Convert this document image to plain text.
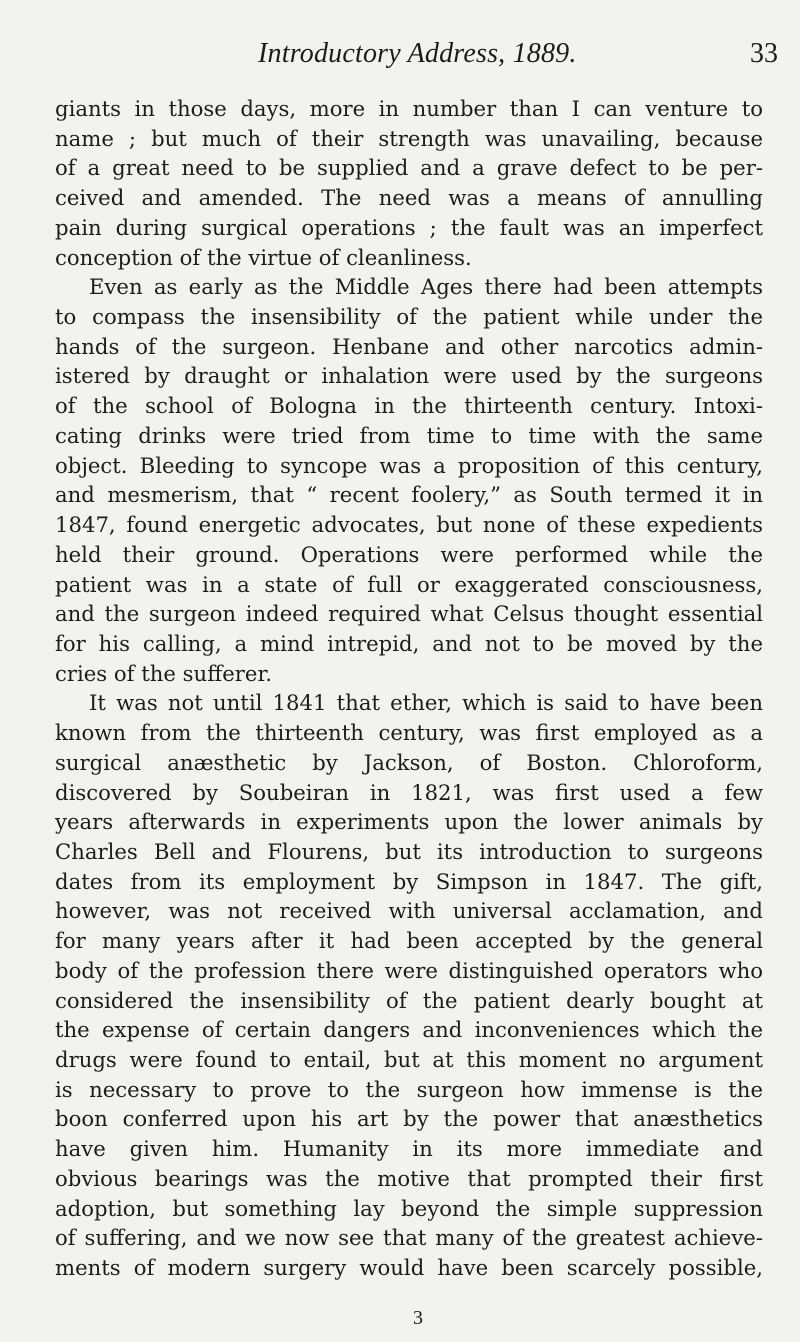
Introductory Address, 1889.	33
giants in those days, more in number than I can venture to
name ; but much of their strength was unavailing, because
of a great need to be supplied and a grave defect to be per-
ceived and amended. The need was a means of annulling
pain during surgical operations ; the fault was an imperfect
conception of the virtue of cleanliness.
Even as early as the Middle Ages there had been attempts
to compass the insensibility of the patient while under the
hands of the surgeon. Henbane and other narcotics admin-
istered by draught or inhalation were used by the surgeons
of the school of Bologna in the thirteenth century. Intoxi-
cating drinks were tried from time to time with the same
object. Bleeding to syncope was a proposition of this century,
and mesmerism, that “ recent foolery,” as South termed it in
1847, found energetic advocates, but none of these expedients
held their ground. Operations were performed while the
patient was in a state of full or exaggerated consciousness,
and the surgeon indeed required what Celsus thought essential
for his calling, a mind intrepid, and not to be moved by the
cries of the sufferer.
It was not until 1841 that ether, which is said to have been
known from the thirteenth century, was first employed as a
surgical anæsthetic by Jackson, of Boston. Chloroform,
discovered by Soubeiran in 1821, was first used a few
years afterwards in experiments upon the lower animals by
Charles Bell and Flourens, but its introduction to surgeons
dates from its employment by Simpson in 1847. The gift,
however, was not received with universal acclamation, and
for many years after it had been accepted by the general
body of the profession there were distinguished operators who
considered the insensibility of the patient dearly bought at
the expense of certain dangers and inconveniences which the
drugs were found to entail, but at this moment no argument
is necessary to prove to the surgeon how immense is the
boon conferred upon his art by the power that anæsthetics
have given him. Humanity in its more immediate and
obvious bearings was the motive that prompted their first
adoption, but something lay beyond the simple suppression
of suffering, and we now see that many of the greatest achieve-
ments of modern surgery would have been scarcely possible,
3
